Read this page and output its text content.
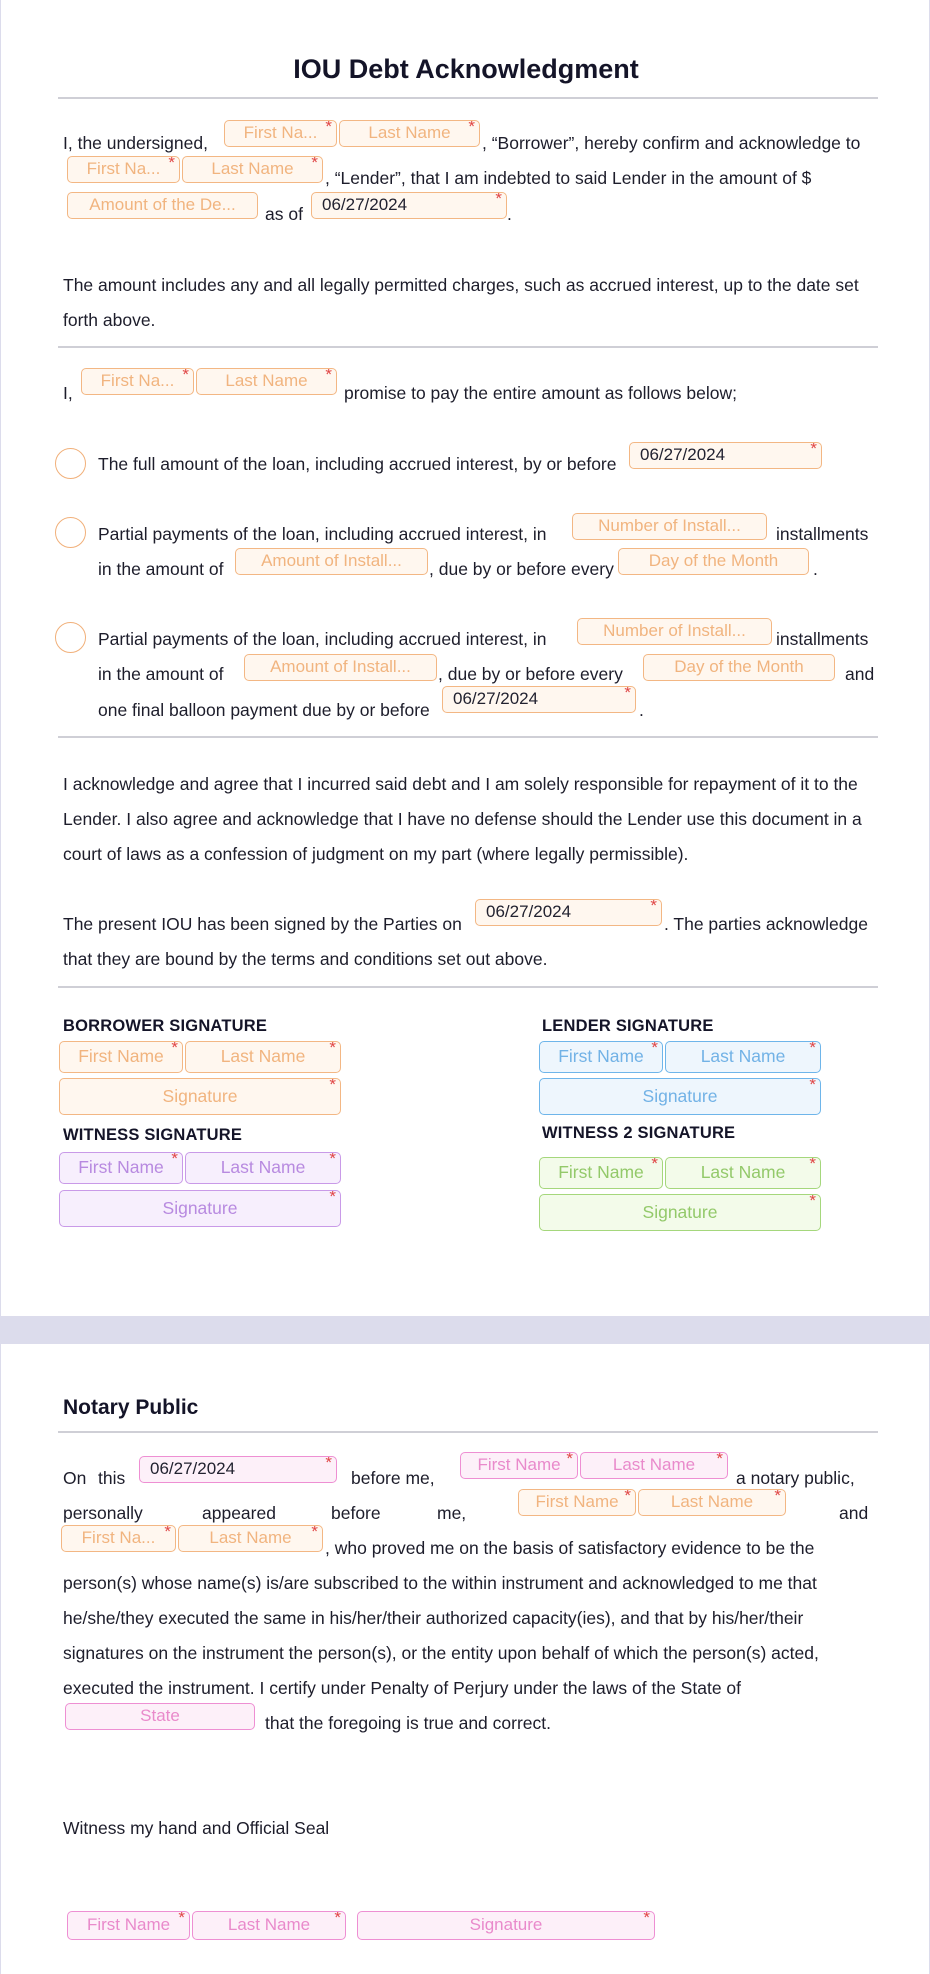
IOU Debt Acknowledgment
I, the undersigned,
First Na... *	Last Name *
, “Borrower”, hereby confirm and acknowledge to
First Na... *	Last Name *
, “Lender”, that I am indebted to said Lender in the amount of $
Amount of the De...	as of	06/27/2024	*
.
The amount includes any and all legally permitted charges, such as accrued interest, up to the date set
forth above.
I,
First Na... *	Last Name *
promise to pay the entire amount as follows below;
The full amount of the loan, including accrued interest, by or before	06/27/2024	*
Partial payments of the loan, including accrued interest, in	Number of Install...	installments
in the amount of	Amount of Install...	, due by or before every	Day of the Month	.
Partial payments of the loan, including accrued interest, in	Number of Install...	installments
in the amount of	Amount of Install...	, due by or before every	Day of the Month	and
one final balloon payment due by or before
06/27/2024	*
.
I acknowledge and agree that I incurred said debt and I am solely responsible for repayment of it to the
Lender. I also agree and acknowledge that I have no defense should the Lender use this document in a
court of laws as a confession of judgment on my part (where legally permissible).
The present IOU has been signed by the Parties on
06/27/2024	*
. The parties acknowledge
that they are bound by the terms and conditions set out above.
BORROWER SIGNATURE
First Name *	Last Name *
Signature
*
LENDER SIGNATURE
First Name *	Last Name *
Signature
*
WITNESS SIGNATURE
First Name *	Last Name *
Signature
*
WITNESS 2 SIGNATURE
First Name *	Last Name *
Signature
*
Notary Public
On this	06/27/2024	*
before me,
First Name *	Last Name *
a notary public,
personally	appeared	before	me,
First Name *	Last Name *
and
First Na... *	Last Name *
, who proved me on the basis of satisfactory evidence to be the
person(s) whose name(s) is/are subscribed to the within instrument and acknowledged to me that
he/she/they executed the same in his/her/their authorized capacity(ies), and that by his/her/their
signatures on the instrument the person(s), or the entity upon behalf of which the person(s) acted,
executed the instrument. I certify under Penalty of Perjury under the laws of the State of
State	that the foregoing is true and correct.
Witness my hand and Official Seal
First Name *	Last Name *	Signature	*
